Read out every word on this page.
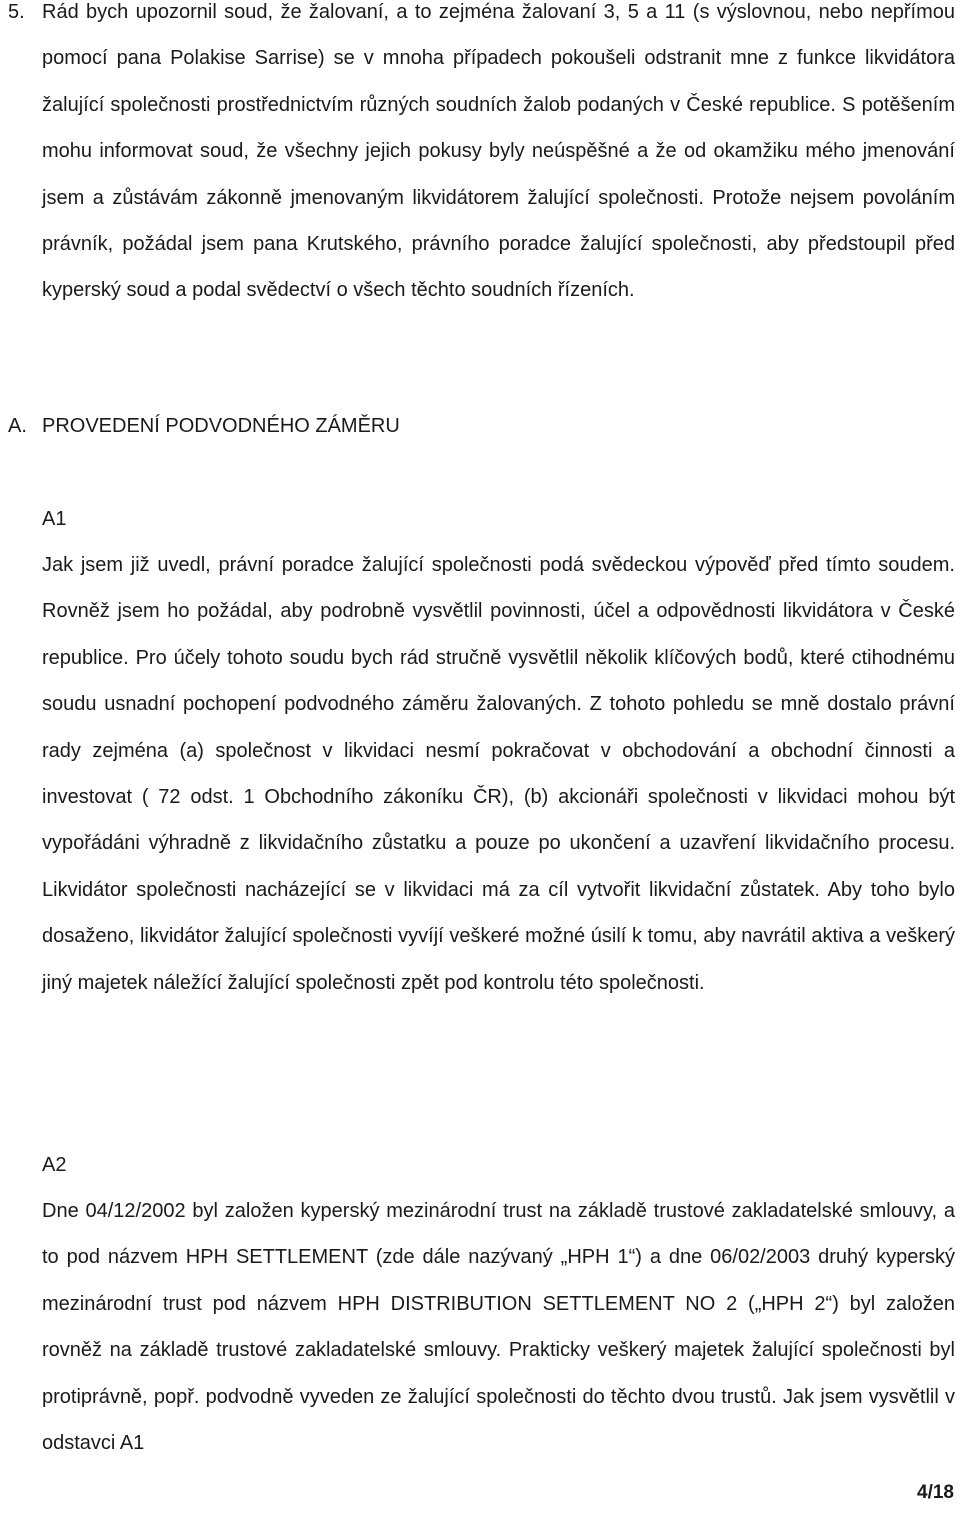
5. Rád bych upozornil soud, že žalovaní, a to zejména žalovaní 3, 5 a 11 (s výslovnou, nebo nepřímou pomocí pana Polakise Sarrise) se v mnoha případech pokoušeli odstranit mne z funkce likvidátora žalující společnosti prostřednictvím různých soudních žalob podaných v České republice. S potěšením mohu informovat soud, že všechny jejich pokusy byly neúspěšné a že od okamžiku mého jmenování jsem a zůstávám zákonně jmenovaným likvidátorem žalující společnosti. Protože nejsem povoláním právník, požádal jsem pana Krutského, právního poradce žalující společnosti, aby předstoupil před kyperský soud a podal svědectví o všech těchto soudních řízeních.

A. PROVEDENÍ PODVODNÉHO ZÁMĚRU

A1

Jak jsem již uvedl, právní poradce žalující společnosti podá svědeckou výpověď před tímto soudem. Rovněž jsem ho požádal, aby podrobně vysvětlil povinnosti, účel a odpovědnosti likvidátora v České republice. Pro účely tohoto soudu bych rád stručně vysvětlil několik klíčových bodů, které ctihodnému soudu usnadní pochopení podvodného záměru žalovaných. Z tohoto pohledu se mně dostalo právní rady zejména (a) společnost v likvidaci nesmí pokračovat v obchodování a obchodní činnosti a investovat ( 72 odst. 1 Obchodního zákoníku ČR), (b) akcionáři společnosti v likvidaci mohou být vypořádáni výhradně z likvidačního zůstatku a pouze po ukončení a uzavření likvidačního procesu. Likvidátor společnosti nacházející se v likvidaci má za cíl vytvořit likvidační zůstatek. Aby toho bylo dosaženo, likvidátor žalující společnosti vyvíjí veškeré možné úsilí k tomu, aby navrátil aktiva a veškerý jiný majetek náležící žalující společnosti zpět pod kontrolu této společnosti.

A2

Dne 04/12/2002 byl založen kyperský mezinárodní trust na základě trustové zakladatelské smlouvy, a to pod názvem HPH SETTLEMENT (zde dále nazývaný „HPH 1“) a dne 06/02/2003 druhý kyperský mezinárodní trust pod názvem HPH DISTRIBUTION SETTLEMENT NO 2 („HPH 2“) byl založen rovněž na základě trustové zakladatelské smlouvy. Prakticky veškerý majetek žalující společnosti byl protiprávně, popř. podvodně vyveden ze žalující společnosti do těchto dvou trustů. Jak jsem vysvětlil v odstavci A1

4/18
